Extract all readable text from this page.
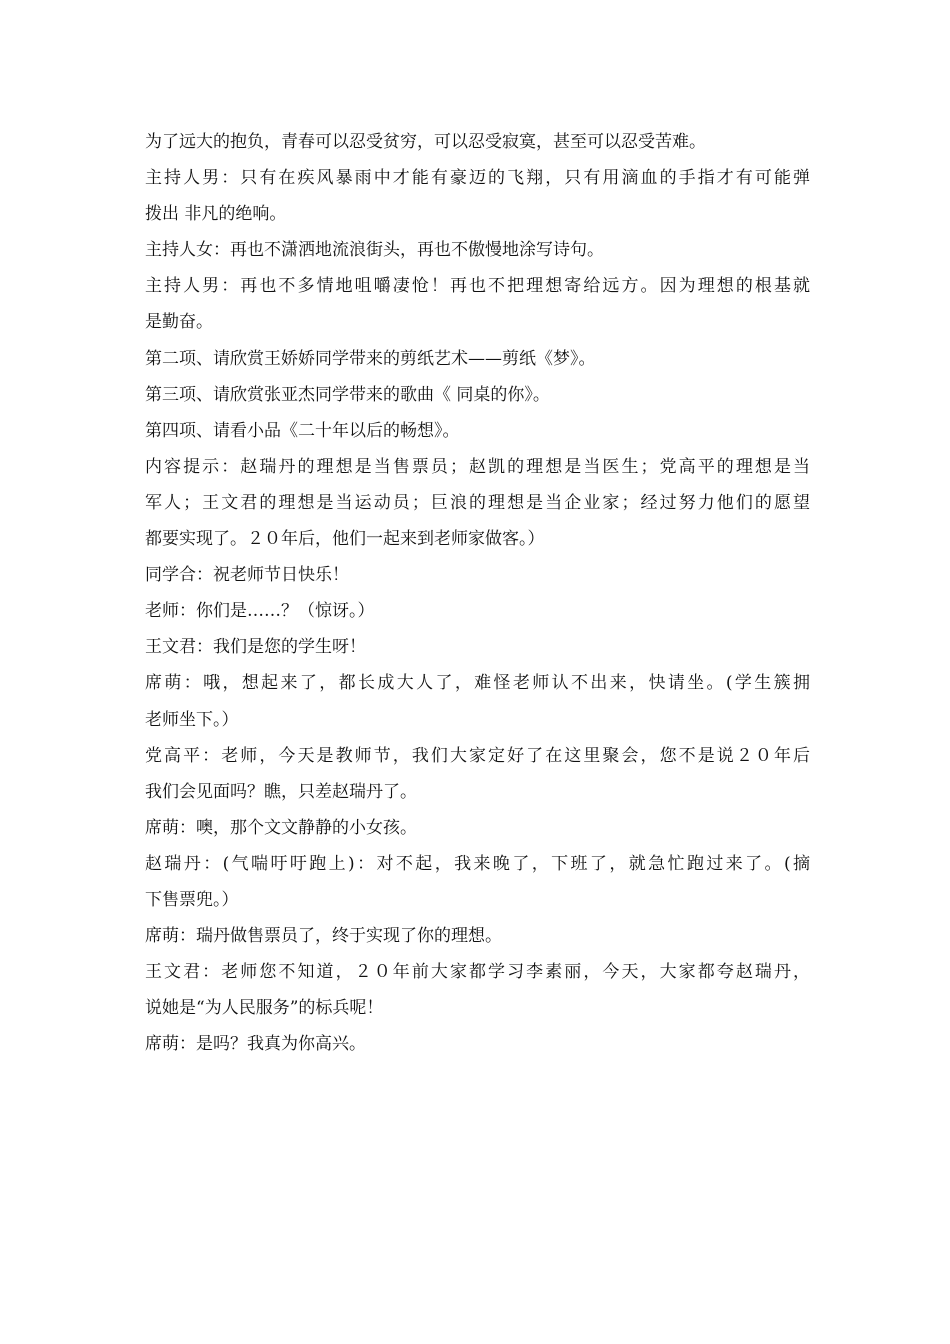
为了远大的抱负，青春可以忍受贫穷，可以忍受寂寞，甚至可以忍受苦难。
主持人男：只有在疾风暴雨中才能有豪迈的飞翔，只有用滴血的手指才有可能弹
拨出 非凡的绝响。
主持人女：再也不潇洒地流浪街头，再也不傲慢地涂写诗句。
主持人男：再也不多情地咀嚼凄怆！再也不把理想寄给远方。因为理想的根基就
是勤奋。
第二项、请欣赏王娇娇同学带来的剪纸艺术——剪纸《梦》。
第三项、请欣赏张亚杰同学带来的歌曲《 同桌的你》。
第四项、请看小品《二十年以后的畅想》。
内容提示：赵瑞丹的理想是当售票员；赵凯的理想是当医生；党高平的理想是当
军人；王文君的理想是当运动员；巨浪的理想是当企业家；经过努力他们的愿望
都要实现了。２０年后，他们一起来到老师家做客。）
同学合：祝老师节日快乐！
老师：你们是……？（惊讶。）
王文君：我们是您的学生呀！
席萌：哦，想起来了，都长成大人了，难怪老师认不出来，快请坐。(学生簇拥
老师坐下。）
党高平：老师，今天是教师节，我们大家定好了在这里聚会，您不是说２０年后
我们会见面吗？瞧，只差赵瑞丹了。
席萌：噢，那个文文静静的小女孩。
赵瑞丹：(气喘吁吁跑上)：对不起，我来晚了，下班了，就急忙跑过来了。(摘
下售票兜。）
席萌：瑞丹做售票员了，终于实现了你的理想。
王文君：老师您不知道，２０年前大家都学习李素丽，今天，大家都夸赵瑞丹，
说她是“为人民服务”的标兵呢！
席萌：是吗？我真为你高兴。
